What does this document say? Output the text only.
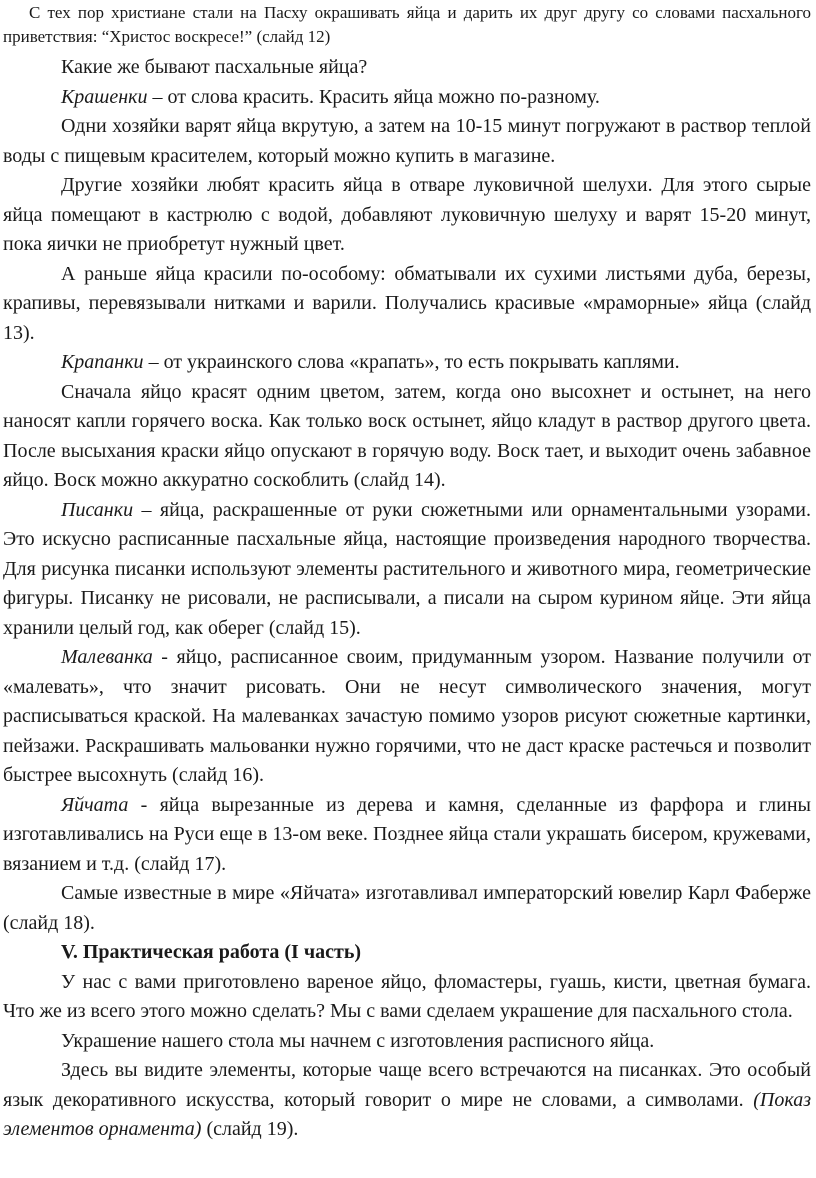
С тех пор христиане стали на Пасху окрашивать яйца и дарить их друг другу со словами пасхального приветствия: “Христос воскресе!” (слайд 12)

Какие же бывают пасхальные яйца?

Крашенки – от слова красить. Красить яйца можно по-разному.

Одни хозяйки варят яйца вкрутую, а затем на 10-15 минут погружают в раствор теплой воды с пищевым красителем, который можно купить в магазине.

Другие хозяйки любят красить яйца в отваре луковичной шелухи. Для этого сырые яйца помещают в кастрюлю с водой, добавляют луковичную шелуху и варят 15-20 минут, пока яички не приобретут нужный цвет.

А раньше яйца красили по-особому: обматывали их сухими листьями дуба, березы, крапивы, перевязывали нитками и варили. Получались красивые «мраморные» яйца (слайд 13).

Крапанки – от украинского слова «крапать», то есть покрывать каплями.

Сначала яйцо красят одним цветом, затем, когда оно высохнет и остынет, на него наносят капли горячего воска. Как только воск остынет, яйцо кладут в раствор другого цвета. После высыхания краски яйцо опускают в горячую воду. Воск тает, и выходит очень забавное яйцо. Воск можно аккуратно соскоблить (слайд 14).

Писанки – яйца, раскрашенные от руки сюжетными или орнаментальными узорами. Это искусно расписанные пасхальные яйца, настоящие произведения народного творчества. Для рисунка писанки используют элементы растительного и животного мира, геометрические фигуры. Писанку не рисовали, не расписывали, а писали на сыром курином яйце. Эти яйца хранили целый год, как оберег (слайд 15).

Малеванка - яйцо, расписанное своим, придуманным узором. Название получили от «малевать», что значит рисовать. Они не несут символического значения, могут расписываться краской. На малеванках зачастую помимо узоров рисуют сюжетные картинки, пейзажи. Раскрашивать мальованки нужно горячими, что не даст краске растечься и позволит быстрее высохнуть (слайд 16).

Яйчата - яйца вырезанные из дерева и камня, сделанные из фарфора и глины изготавливались на Руси еще в 13-ом веке. Позднее яйца стали украшать бисером, кружевами, вязанием и т.д. (слайд 17).

Самые известные в мире «Яйчата» изготавливал императорский ювелир Карл Фаберже (слайд 18).

V. Практическая работа (I часть)

У нас с вами приготовлено вареное яйцо, фломастеры, гуашь, кисти, цветная бумага. Что же из всего этого можно сделать? Мы с вами сделаем украшение для пасхального стола.

Украшение нашего стола мы начнем с изготовления расписного яйца.

Здесь вы видите элементы, которые чаще всего встречаются на писанках. Это особый язык декоративного искусства, который говорит о мире не словами, а символами. (Показ элементов орнамента) (слайд 19).
